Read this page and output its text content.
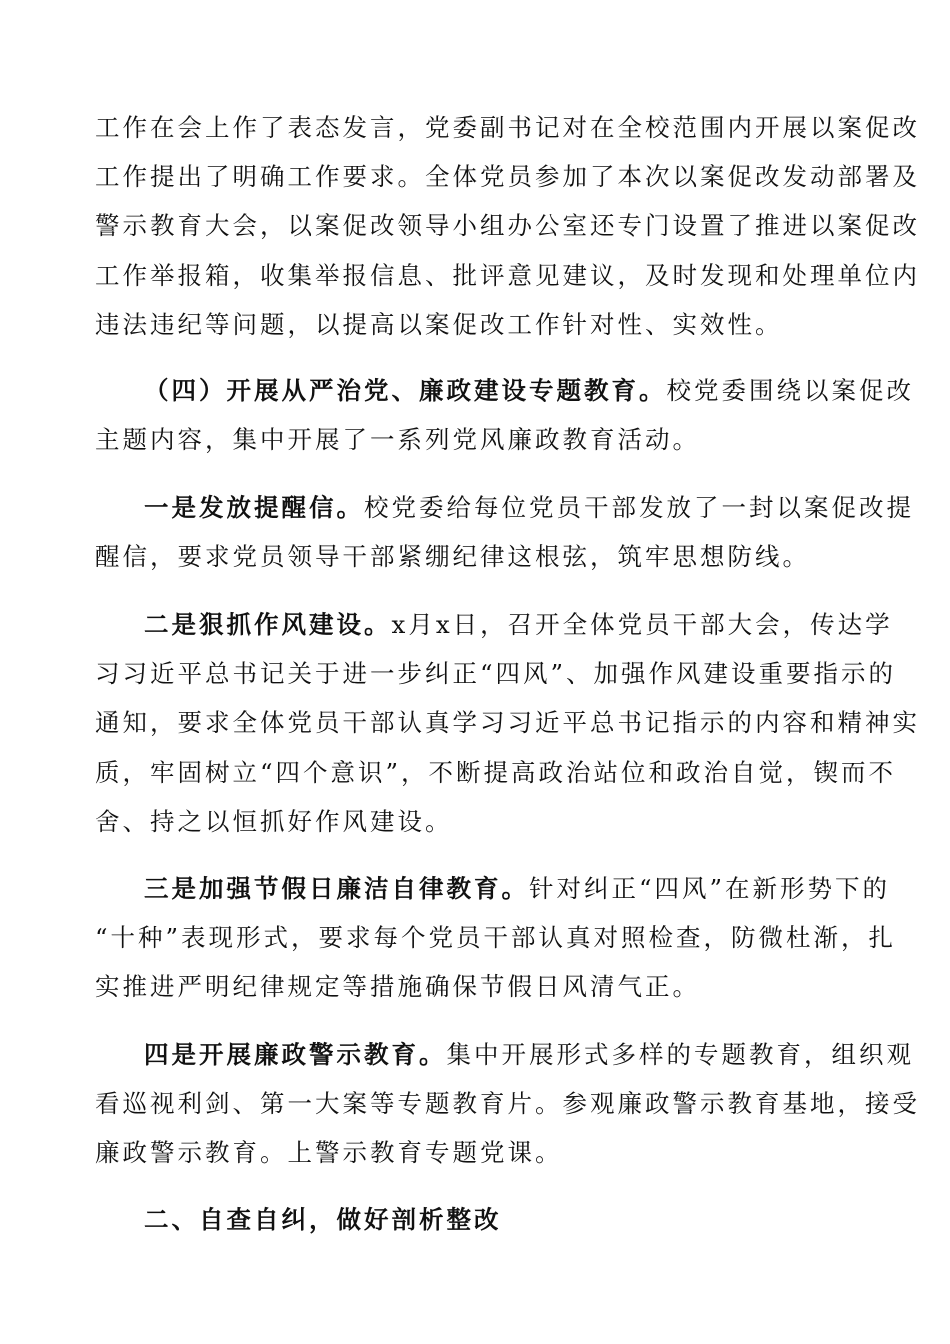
工作在会上作了表态发言，党委副书记对在全校范围内开展以案促改
工作提出了明确工作要求。全体党员参加了本次以案促改发动部署及
警示教育大会，以案促改领导小组办公室还专门设置了推进以案促改
工作举报箱，收集举报信息、批评意见建议，及时发现和处理单位内
违法违纪等问题，以提高以案促改工作针对性、实效性。
（四）开展从严治党、廉政建设专题教育。校党委围绕以案促改
主题内容，集中开展了一系列党风廉政教育活动。
一是发放提醒信。校党委给每位党员干部发放了一封以案促改提
醒信，要求党员领导干部紧绷纪律这根弦，筑牢思想防线。
二是狠抓作风建设。x月x日，召开全体党员干部大会，传达学
习习近平总书记关于进一步纠正“四风”、加强作风建设重要指示的
通知，要求全体党员干部认真学习习近平总书记指示的内容和精神实
质，牢固树立“四个意识”，不断提高政治站位和政治自觉，锲而不
舍、持之以恒抓好作风建设。
三是加强节假日廉洁自律教育。针对纠正“四风”在新形势下的
“十种”表现形式，要求每个党员干部认真对照检查，防微杜渐，扎
实推进严明纪律规定等措施确保节假日风清气正。
四是开展廉政警示教育。集中开展形式多样的专题教育，组织观
看巡视利剑、第一大案等专题教育片。参观廉政警示教育基地，接受
廉政警示教育。上警示教育专题党课。
二、自查自纠，做好剖析整改
